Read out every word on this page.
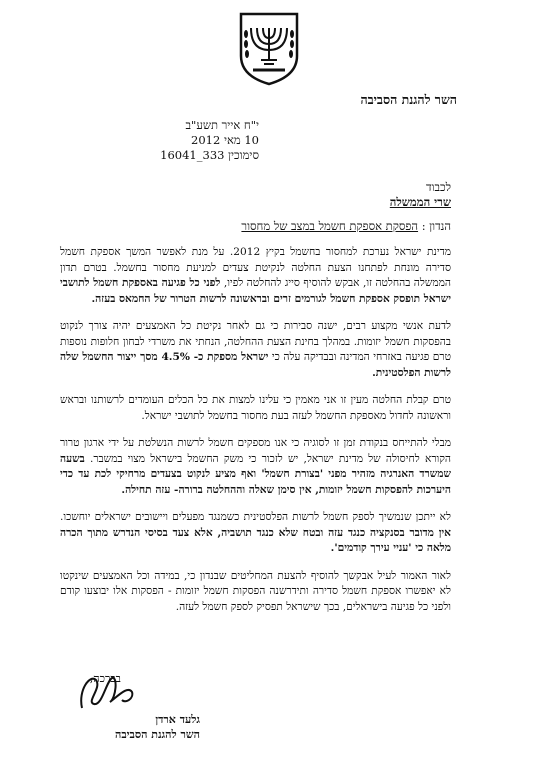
השר להגנת הסביבה
י"ח אייר תשע"ב
10 מאי 2012
סימוכין 333_16041
לכבוד
שרי הממשלה
הנדון : הפסקת אספקת חשמל במצב של מחסור

מדינת ישראל נערכת למחסור בחשמל בקיץ 2012. על מנת לאפשר המשך אספקת חשמל סדירה מונחת לפתחנו הצעת החלטה לנקיטת צעדים למניעת מחסור בחשמל. בטרם תדון הממשלה בהחלטה זו, אבקש להוסיף סייג להחלטה לפיו, לפני כל פגיעה באספקת חשמל לתושבי ישראל תופסק אספקת חשמל לגורמים זרים ובראשונה לרשות הטרור של החמאס בעזה.

לדעת אנשי מקצוע רבים, ישנה סבירות כי גם לאחר נקיטת כל האמצעים יהיה צורך לנקוט בהפסקות חשמל יזומות. במהלך בחינת הצעת ההחלטה, הנחתי את משרדי לבחון חלופות נוספות טרם פגיעה באזרחי המדינה ובבדיקה עלה כי ישראל מספקת כ- 4.5% מסך ייצור החשמל שלה לרשות הפלסטינית.

טרם קבלת החלטה מעין זו אני מאמין כי עלינו למצות את כל הכלים העומדים לרשותנו ובראש וראשונה לחדול מאספקת החשמל לעזה בעת מחסור בחשמל לתושבי ישראל.

מבלי להתייחס בנקודת זמן זו לסוגיה כי אנו מספקים חשמל לרשות הנשלטת על ידי ארגון טרור הקורא לחיסולה של מדינת ישראל, יש לזכור כי משק החשמל בישראל מצוי במשבר. בשעה שמשרד האנרגיה מזהיר מפני 'בצורת חשמל' ואף מציע לנקוט בצעדים מרחיקי לכת עד כדי היערכות להפסקות חשמל יזומות, אין סימן שאלה וההחלטה ברורה- עזה תחילה.

לא ייתכן שנמשיך לספק חשמל לרשות הפלסטינית כשמנגד מפעלים ויישובים ישראלים יוחשכו. אין מדובר בסנקציה כנגד עזה ובטח שלא כנגד תושביה, אלא צעד בסיסי הנדרש מתוך הכרה מלאה כי 'עניי עירך קודמים'.

לאור האמור לעיל אבקשך להוסיף להצעת המחליטים שבנדון כי, במידה וכל האמצעים שינקטו לא יאפשרו אספקת חשמל סדירה ותידרשנה הפסקות חשמל יזומות - הפסקות אלו יבוצעו קודם ולפני כל פגיעה בישראלים, בכך שישראל תפסיק לספק חשמל לעזה.

בברכה,
גלעד ארדן
השר להגנת הסביבה
